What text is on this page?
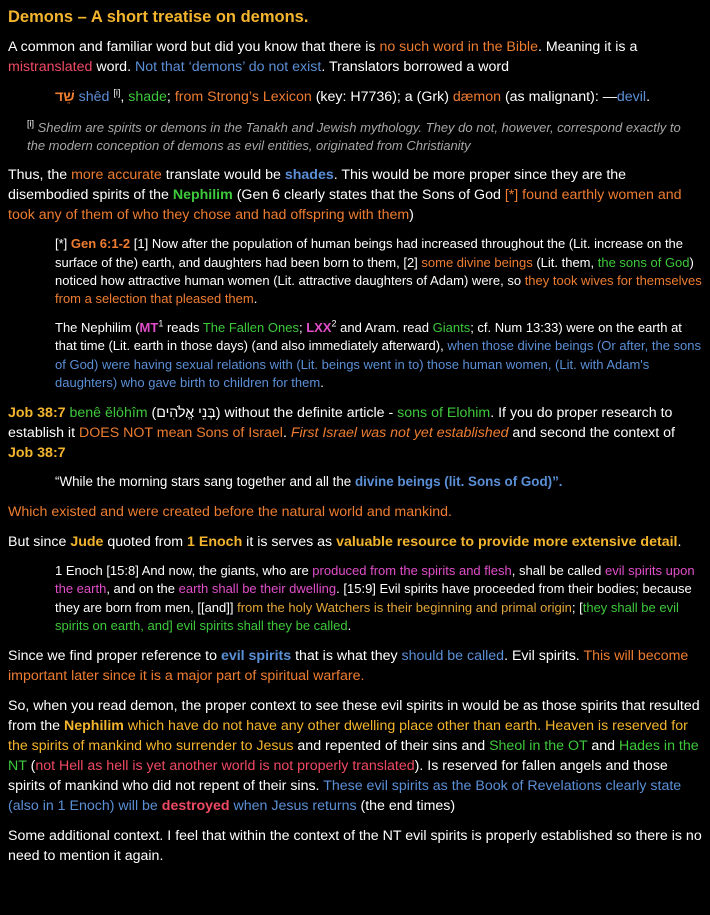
Demons – A short treatise on demons.

A common and familiar word but did you know that there is no such word in the Bible. Meaning it is a mistranslated word. Not that ‘demons’ do not exist. Translators borrowed a word

שֵׁד shêd [i], shade; from Strong’s Lexicon (key: H7736); a (Grk) dæmon (as malignant): —devil.

[i] Shedim are spirits or demons in the Tanakh and Jewish mythology. They do not, however, correspond exactly to the modern conception of demons as evil entities, originated from Christianity

Thus, the more accurate translate would be shades. This would be more proper since they are the disembodied spirits of the Nephilim (Gen 6 clearly states that the Sons of God [*] found earthly women and took any of them of who they chose and had offspring with them)

[*] Gen 6:1-2 [1] Now after the population of human beings had increased throughout the (Lit. increase on the surface of the) earth, and daughters had been born to them, [2] some divine beings (Lit. them, the sons of God) noticed how attractive human women (Lit. attractive daughters of Adam) were, so they took wives for themselves from a selection that pleased them.

The Nephilim ($MT^1$ reads The Fallen Ones; LXX$^2$ and Aram. read Giants; cf. Num 13:33) were on the earth at that time (Lit. earth in those days) (and also immediately afterward), when those divine beings (Or after, the sons of God) were having sexual relations with (Lit. beings went in to) those human women, (Lit. with Adam's daughters) who gave birth to children for them.

Job 38:7 benê ĕlōhîm (בְּנֵי אֱלֹהִים) without the definite article - sons of Elohim. If you do proper research to establish it DOES NOT mean Sons of Israel. First Israel was not yet established and second the context of Job 38:7

“While the morning stars sang together and all the divine beings (lit. Sons of God)”.

Which existed and were created before the natural world and mankind.

But since Jude quoted from 1 Enoch it is serves as valuable resource to provide more extensive detail.

1 Enoch [15:8] And now, the giants, who are produced from the spirits and flesh, shall be called evil spirits upon the earth, and on the earth shall be their dwelling. [15:9] Evil spirits have proceeded from their bodies; because they are born from men, [[and]] from the holy Watchers is their beginning and primal origin; [they shall be evil spirits on earth, and] evil spirits shall they be called.

Since we find proper reference to evil spirits that is what they should be called. Evil spirits. This will become important later since it is a major part of spiritual warfare.

So, when you read demon, the proper context to see these evil spirits in would be as those spirits that resulted from the Nephilim which have do not have any other dwelling place other than earth. Heaven is reserved for the spirits of mankind who surrender to Jesus and repented of their sins and Sheol in the OT and Hades in the NT (not Hell as hell is yet another world is not properly translated). Is reserved for fallen angels and those spirits of mankind who did not repent of their sins. These evil spirits as the Book of Revelations clearly state (also in 1 Enoch) will be destroyed when Jesus returns (the end times)

Some additional context. I feel that within the context of the NT evil spirits is properly established so there is no need to mention it again.
